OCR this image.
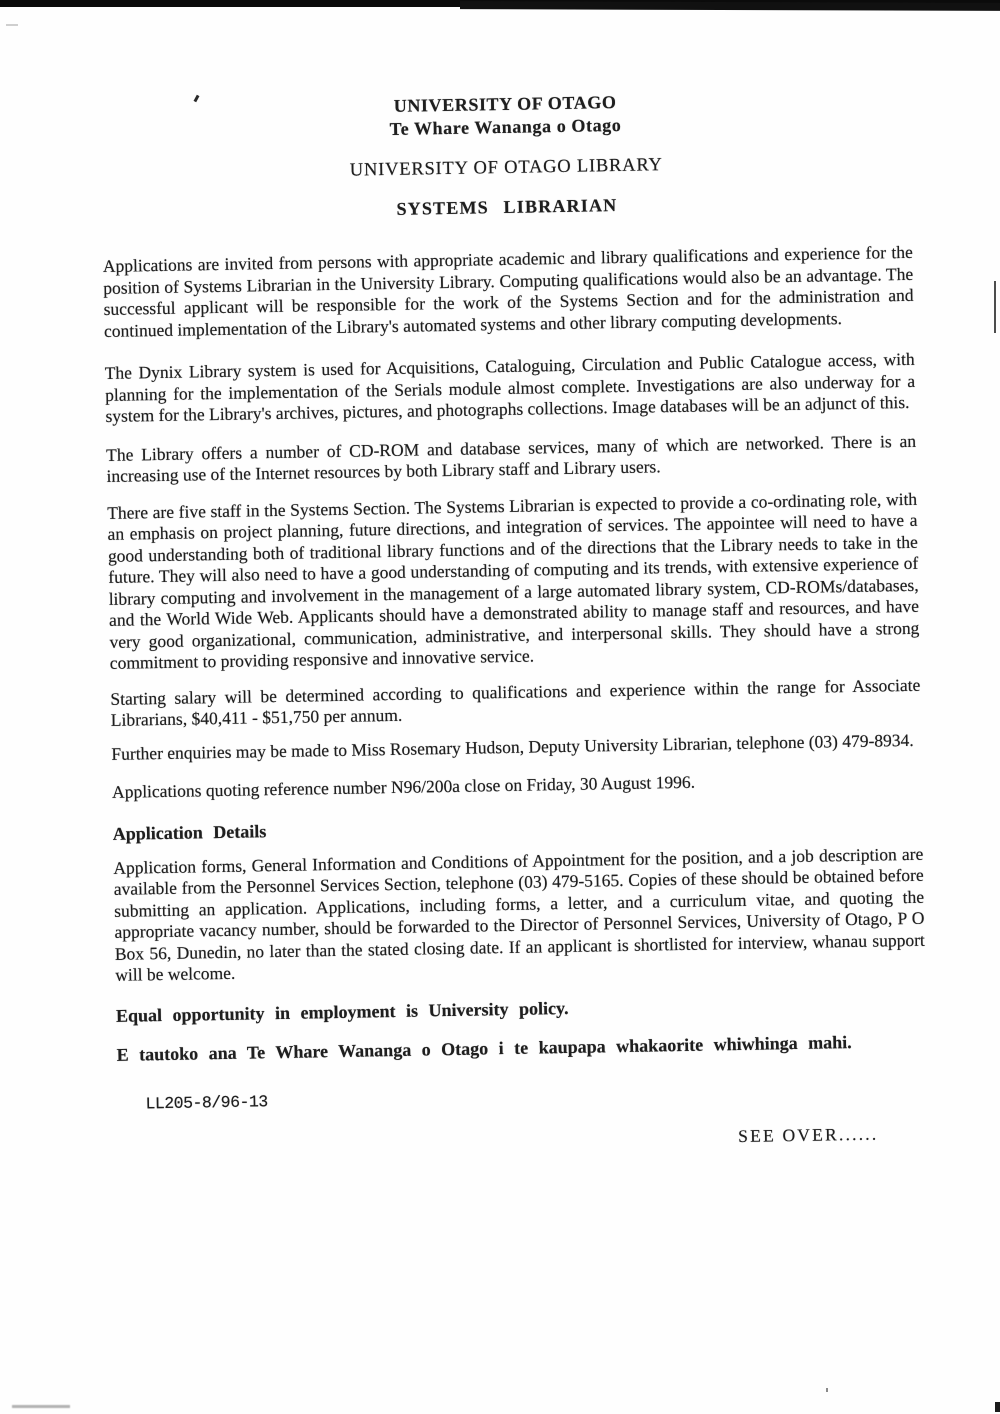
UNIVERSITY OF OTAGO
Te Whare Wananga o Otago
UNIVERSITY OF OTAGO LIBRARY
SYSTEMS LIBRARIAN

Applications are invited from persons with appropriate academic and library qualifications and experience for the position of Systems Librarian in the University Library. Computing qualifications would also be an advantage. The successful applicant will be responsible for the work of the Systems Section and for the administration and continued implementation of the Library's automated systems and other library computing developments.

The Dynix Library system is used for Acquisitions, Cataloguing, Circulation and Public Catalogue access, with planning for the implementation of the Serials module almost complete. Investigations are also underway for a system for the Library's archives, pictures, and photographs collections. Image databases will be an adjunct of this.

The Library offers a number of CD-ROM and database services, many of which are networked. There is an increasing use of the Internet resources by both Library staff and Library users.

There are five staff in the Systems Section. The Systems Librarian is expected to provide a co-ordinating role, with an emphasis on project planning, future directions, and integration of services. The appointee will need to have a good understanding both of traditional library functions and of the directions that the Library needs to take in the future. They will also need to have a good understanding of computing and its trends, with extensive experience of library computing and involvement in the management of a large automated library system, CD-ROMs/databases, and the World Wide Web. Applicants should have a demonstrated ability to manage staff and resources, and have very good organizational, communication, administrative, and interpersonal skills. They should have a strong commitment to providing responsive and innovative service.

Starting salary will be determined according to qualifications and experience within the range for Associate Librarians, $40,411 - $51,750 per annum.

Further enquiries may be made to Miss Rosemary Hudson, Deputy University Librarian, telephone (03) 479-8934.

Applications quoting reference number N96/200a close on Friday, 30 August 1996.

Application Details

Application forms, General Information and Conditions of Appointment for the position, and a job description are available from the Personnel Services Section, telephone (03) 479-5165. Copies of these should be obtained before submitting an application. Applications, including forms, a letter, and a curriculum vitae, and quoting the appropriate vacancy number, should be forwarded to the Director of Personnel Services, University of Otago, P O Box 56, Dunedin, no later than the stated closing date. If an applicant is shortlisted for interview, whanau support will be welcome.

Equal opportunity in employment is University policy.

E tautoko ana Te Whare Wananga o Otago i te kaupapa whakaorite whiwhinga mahi.

LL205-8/96-13
SEE OVER......
